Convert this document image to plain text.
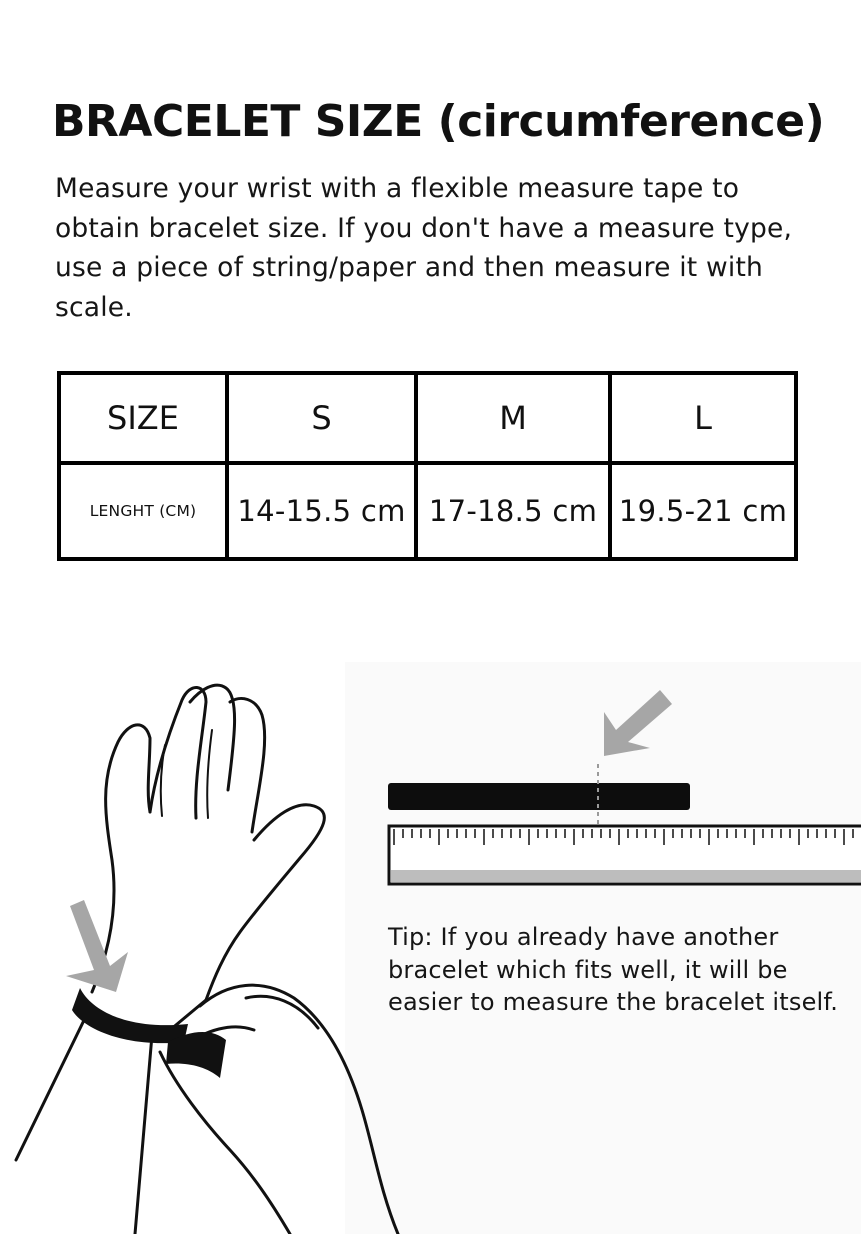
BRACELET SIZE (circumference)

Measure your wrist with a flexible measure tape to obtain bracelet size. If you don't have a measure type, use a piece of string/paper and then measure it with scale.

SIZE	S	M	L
LENGHT (CM)	14-15.5 cm	17-18.5 cm	19.5-21 cm

Tip: If you already have another bracelet which fits well, it will be easier to measure the bracelet itself.
